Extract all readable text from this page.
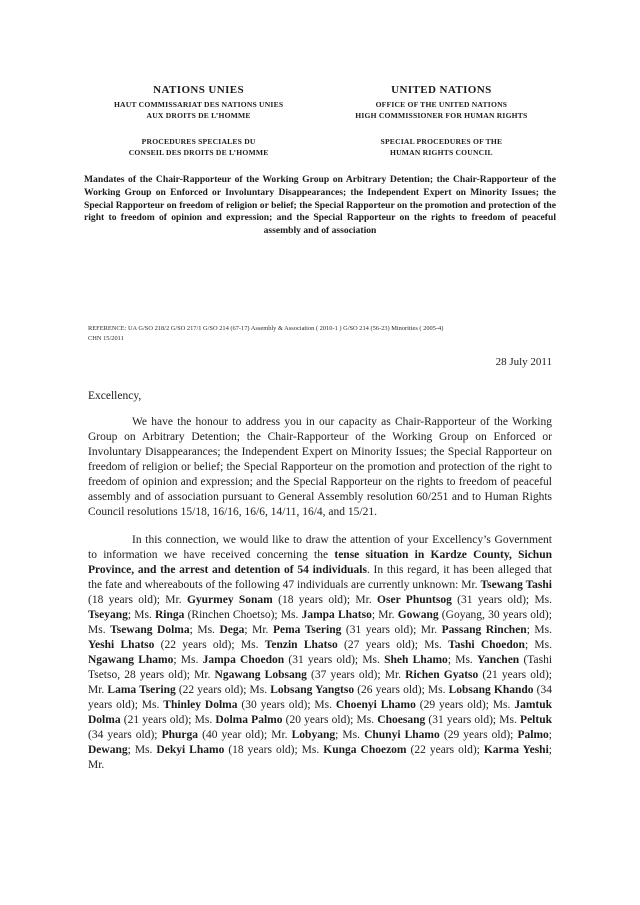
NATIONS UNIES
HAUT COMMISSARIAT DES NATIONS UNIES
AUX DROITS DE L’HOMME
PROCEDURES SPECIALES DU
CONSEIL DES DROITS DE L’HOMME
UNITED NATIONS
OFFICE OF THE UNITED NATIONS
HIGH COMMISSIONER FOR HUMAN RIGHTS
SPECIAL PROCEDURES OF THE
HUMAN RIGHTS COUNCIL

Mandates of the Chair-Rapporteur of the Working Group on Arbitrary Detention; the Chair-Rapporteur of the Working Group on Enforced or Involuntary Disappearances; the Independent Expert on Minority Issues; the Special Rapporteur on freedom of religion or belief; the Special Rapporteur on the promotion and protection of the right to freedom of opinion and expression; and the Special Rapporteur on the rights to freedom of peaceful assembly and of association

REFERENCE: UA G/SO 218/2 G/SO 217/1 G/SO 214 (67-17) Assembly & Association ( 2010-1 ) G/SO 214 (56-23) Minorities ( 2005-4)
CHN 15/2011
28 July 2011

Excellency,

We have the honour to address you in our capacity as Chair-Rapporteur of the Working Group on Arbitrary Detention; the Chair-Rapporteur of the Working Group on Enforced or Involuntary Disappearances; the Independent Expert on Minority Issues; the Special Rapporteur on freedom of religion or belief; the Special Rapporteur on the promotion and protection of the right to freedom of opinion and expression; and the Special Rapporteur on the rights to freedom of peaceful assembly and of association pursuant to General Assembly resolution 60/251 and to Human Rights Council resolutions 15/18, 16/16, 16/6, 14/11, 16/4, and 15/21.

In this connection, we would like to draw the attention of your Excellency’s Government to information we have received concerning the tense situation in Kardze County, Sichun Province, and the arrest and detention of 54 individuals. In this regard, it has been alleged that the fate and whereabouts of the following 47 individuals are currently unknown: Mr. Tsewang Tashi (18 years old); Mr. Gyurmey Sonam (18 years old); Mr. Oser Phuntsog (31 years old); Ms. Tseyang; Ms. Ringa (Rinchen Choetso); Ms. Jampa Lhatso; Mr. Gowang (Goyang, 30 years old); Ms. Tsewang Dolma; Ms. Dega; Mr. Pema Tsering (31 years old); Mr. Passang Rinchen; Ms. Yeshi Lhatso (22 years old); Ms. Tenzin Lhatso (27 years old); Ms. Tashi Choedon; Ms. Ngawang Lhamo; Ms. Jampa Choedon (31 years old); Ms. Sheh Lhamo; Ms. Yanchen (Tashi Tsetso, 28 years old); Mr. Ngawang Lobsang (37 years old); Mr. Richen Gyatso (21 years old); Mr. Lama Tsering (22 years old); Ms. Lobsang Yangtso (26 years old); Ms. Lobsang Khando (34 years old); Ms. Thinley Dolma (30 years old); Ms. Choenyi Lhamo (29 years old); Ms. Jamtuk Dolma (21 years old); Ms. Dolma Palmo (20 years old); Ms. Choesang (31 years old); Ms. Peltuk (34 years old); Phurga (40 year old); Mr. Lobyang; Ms. Chunyi Lhamo (29 years old); Palmo; Dewang; Ms. Dekyi Lhamo (18 years old); Ms. Kunga Choezom (22 years old); Karma Yeshi; Mr.
